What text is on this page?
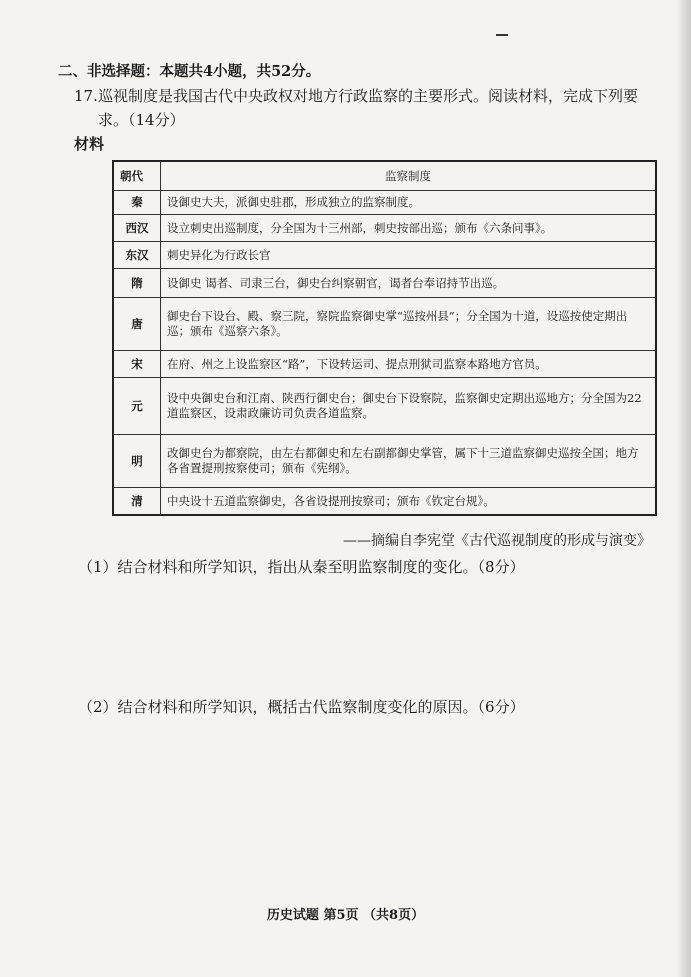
二、非选择题：本题共4小题，共52分。
17. 巡视制度是我国古代中央政权对地方行政监察的主要形式。阅读材料，完成下列要
求。（14分）
材料
朝代	监察制度
秦	设御史大夫，派御史驻郡，形成独立的监察制度。
西汉	设立刺史出巡制度，分全国为十三州部，刺史按部出巡；颁布《六条问事》。
东汉	刺史异化为行政长官
隋	设御史 谒者、司隶三台，御史台纠察朝官，谒者台奉诏持节出巡。
唐	御史台下设台、殿、察三院，察院监察御史掌“巡按州县”；分全国为十道，设巡按使定期出巡；颁布《巡察六条》。
宋	在府、州之上设监察区“路”，下设转运司、提点刑狱司监察本路地方官员。
元	设中央御史台和江南、陕西行御史台；御史台下设察院，监察御史定期出巡地方；分全国为22道监察区，设肃政廉访司负责各道监察。
明	改御史台为都察院，由左右都御史和左右副都御史掌管，属下十三道监察御史巡按全国；地方各省置提刑按察使司；颁布《宪纲》。
清	中央设十五道监察御史，各省设提刑按察司；颁布《钦定台规》。
——摘编自李宪堂《古代巡视制度的形成与演变》
（1）结合材料和所学知识，指出从秦至明监察制度的变化。（8分）
（2）结合材料和所学知识，概括古代监察制度变化的原因。（6分）
历史试题 第5页 （共8页）
